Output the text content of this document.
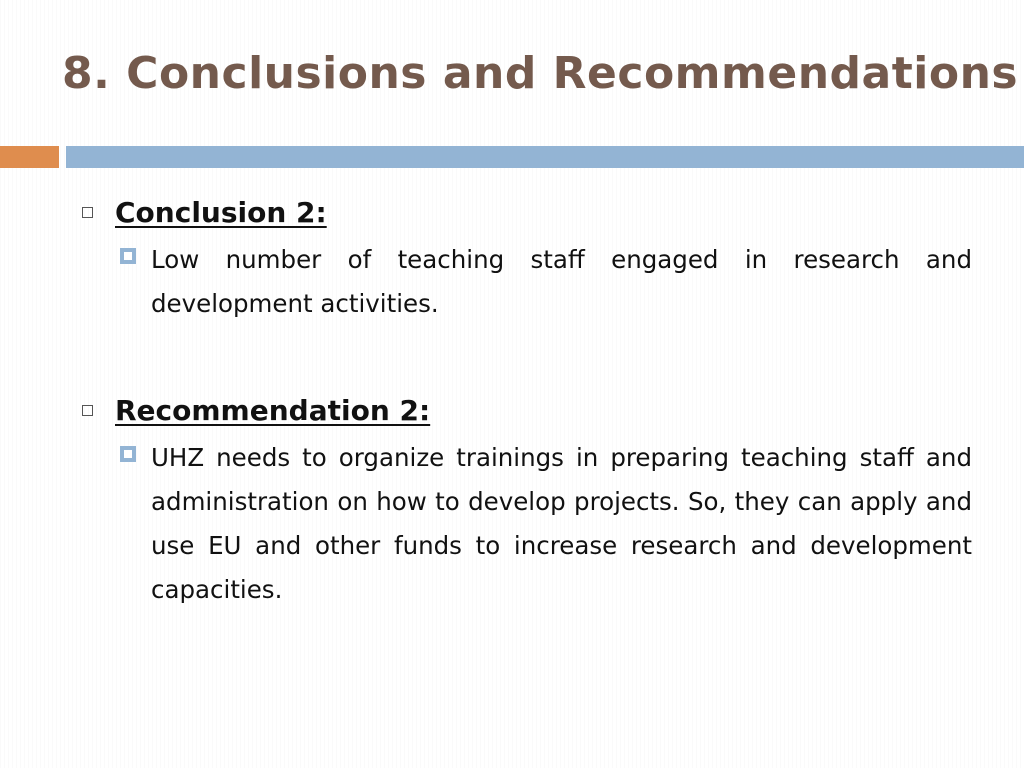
8. Conclusions and Recommendations
Conclusion 2:

Low number of teaching staff engaged in research and development activities.

Recommendation 2:

UHZ needs to organize trainings in preparing teaching staff and administration on how to develop projects. So, they can apply and use EU and other funds to increase research and development capacities.
